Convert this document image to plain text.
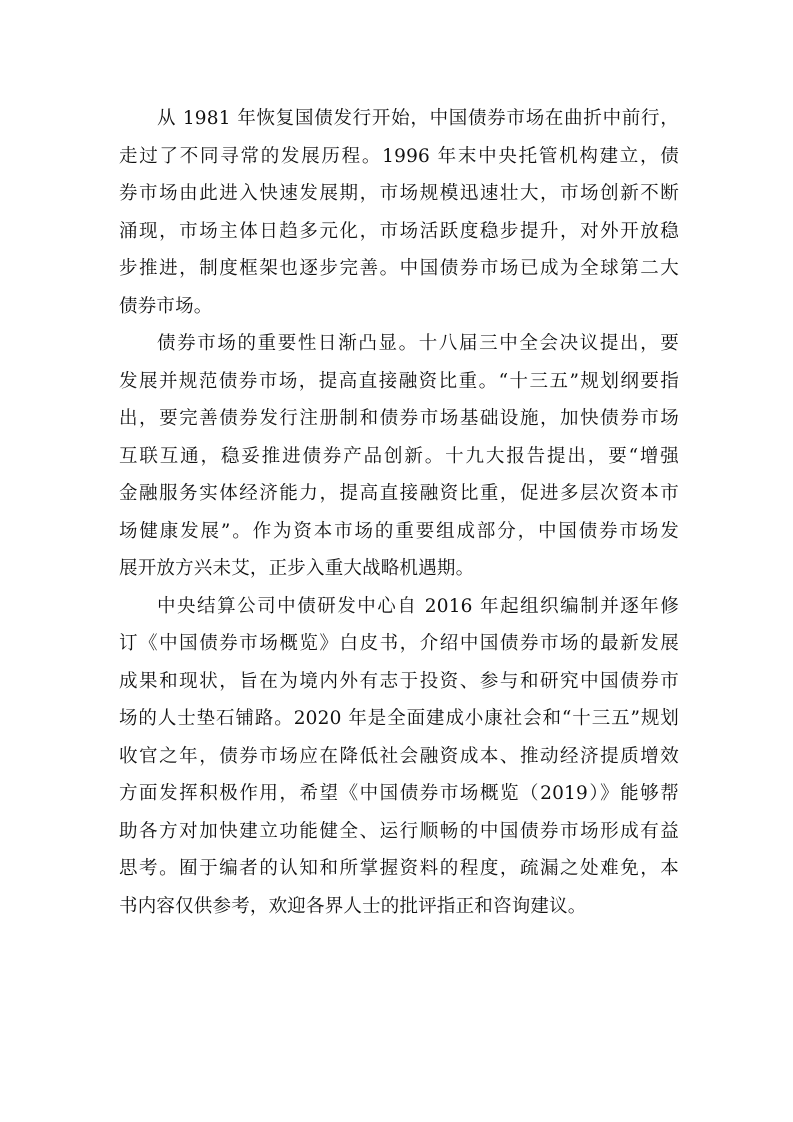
从 1981 年恢复国债发行开始，中国债券市场在曲折中前行，
走过了不同寻常的发展历程。1996 年末中央托管机构建立，债
券市场由此进入快速发展期，市场规模迅速壮大，市场创新不断
涌现，市场主体日趋多元化，市场活跃度稳步提升，对外开放稳
步推进，制度框架也逐步完善。中国债券市场已成为全球第二大
债券市场。
债券市场的重要性日渐凸显。十八届三中全会决议提出，要
发展并规范债券市场，提高直接融资比重。“十三五”规划纲要指
出，要完善债券发行注册制和债券市场基础设施，加快债券市场
互联互通，稳妥推进债券产品创新。十九大报告提出，要“增强
金融服务实体经济能力，提高直接融资比重，促进多层次资本市
场健康发展”。作为资本市场的重要组成部分，中国债券市场发
展开放方兴未艾，正步入重大战略机遇期。
中央结算公司中债研发中心自 2016 年起组织编制并逐年修
订《中国债券市场概览》白皮书，介绍中国债券市场的最新发展
成果和现状，旨在为境内外有志于投资、参与和研究中国债券市
场的人士垫石铺路。2020 年是全面建成小康社会和“十三五”规划
收官之年，债券市场应在降低社会融资成本、推动经济提质增效
方面发挥积极作用，希望《中国债券市场概览（2019）》能够帮
助各方对加快建立功能健全、运行顺畅的中国债券市场形成有益
思考。囿于编者的认知和所掌握资料的程度，疏漏之处难免，本
书内容仅供参考，欢迎各界人士的批评指正和咨询建议。
